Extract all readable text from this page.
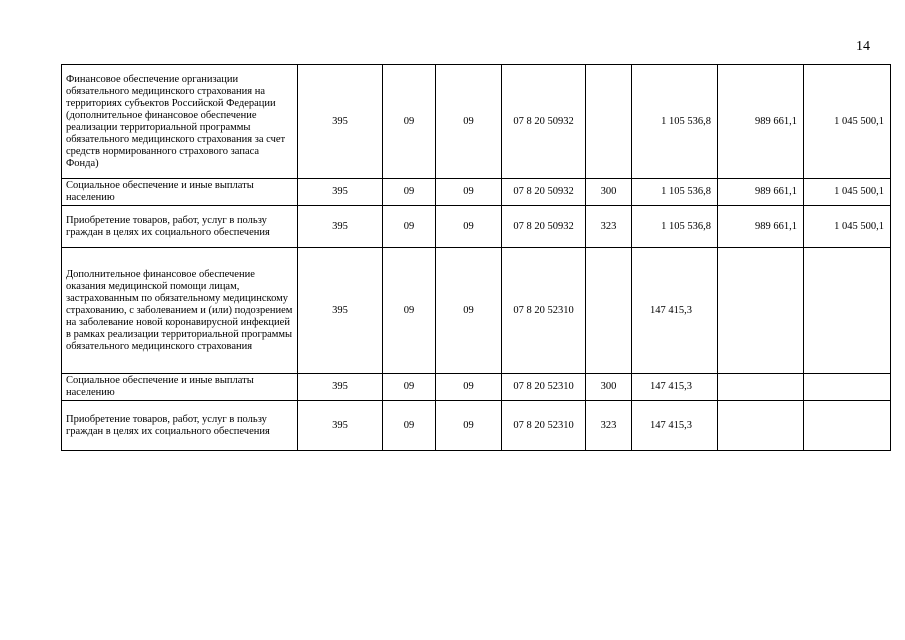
14
Финансовое обеспечение организации обязательного медицинского страхования на территориях субъектов Российской Федерации (дополнительное финансовое обеспечение реализации территориальной программы обязательного медицинского страхования за счет средств нормированного страхового запаса Фонда)	395	09	09	07 8 20 50932		1 105 536,8	989 661,1	1 045 500,1
Социальное обеспечение и иные выплаты населению	395	09	09	07 8 20 50932	300	1 105 536,8	989 661,1	1 045 500,1
Приобретение товаров, работ, услуг в пользу граждан в целях их социального обеспечения	395	09	09	07 8 20 50932	323	1 105 536,8	989 661,1	1 045 500,1
Дополнительное финансовое обеспечение оказания медицинской помощи лицам, застрахованным по обязательному медицинскому страхованию, с заболеванием и (или) подозрением на заболевание новой коронавирусной инфекцией в рамках реализации территориальной программы обязательного медицинского страхования	395	09	09	07 8 20 52310		147 415,3		
Социальное обеспечение и иные выплаты населению	395	09	09	07 8 20 52310	300	147 415,3		
Приобретение товаров, работ, услуг в пользу граждан в целях их социального обеспечения	395	09	09	07 8 20 52310	323	147 415,3		
